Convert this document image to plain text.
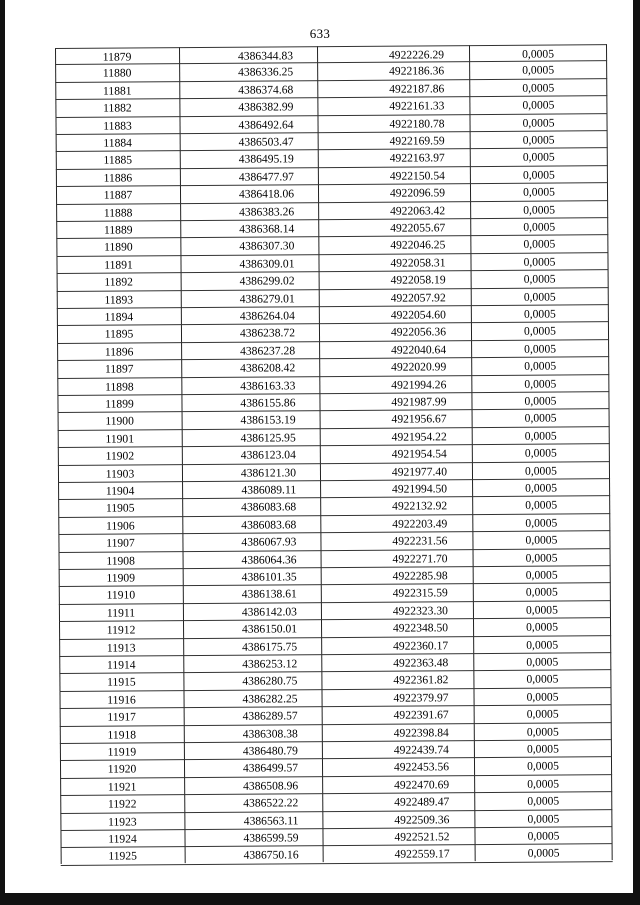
633
11879	4386344.83	4922226.29	0,0005
11880	4386336.25	4922186.36	0,0005
11881	4386374.68	4922187.86	0,0005
11882	4386382.99	4922161.33	0,0005
11883	4386492.64	4922180.78	0,0005
11884	4386503.47	4922169.59	0,0005
11885	4386495.19	4922163.97	0,0005
11886	4386477.97	4922150.54	0,0005
11887	4386418.06	4922096.59	0,0005
11888	4386383.26	4922063.42	0,0005
11889	4386368.14	4922055.67	0,0005
11890	4386307.30	4922046.25	0,0005
11891	4386309.01	4922058.31	0,0005
11892	4386299.02	4922058.19	0,0005
11893	4386279.01	4922057.92	0,0005
11894	4386264.04	4922054.60	0,0005
11895	4386238.72	4922056.36	0,0005
11896	4386237.28	4922040.64	0,0005
11897	4386208.42	4922020.99	0,0005
11898	4386163.33	4921994.26	0,0005
11899	4386155.86	4921987.99	0,0005
11900	4386153.19	4921956.67	0,0005
11901	4386125.95	4921954.22	0,0005
11902	4386123.04	4921954.54	0,0005
11903	4386121.30	4921977.40	0,0005
11904	4386089.11	4921994.50	0,0005
11905	4386083.68	4922132.92	0,0005
11906	4386083.68	4922203.49	0,0005
11907	4386067.93	4922231.56	0,0005
11908	4386064.36	4922271.70	0,0005
11909	4386101.35	4922285.98	0,0005
11910	4386138.61	4922315.59	0,0005
11911	4386142.03	4922323.30	0,0005
11912	4386150.01	4922348.50	0,0005
11913	4386175.75	4922360.17	0,0005
11914	4386253.12	4922363.48	0,0005
11915	4386280.75	4922361.82	0,0005
11916	4386282.25	4922379.97	0,0005
11917	4386289.57	4922391.67	0,0005
11918	4386308.38	4922398.84	0,0005
11919	4386480.79	4922439.74	0,0005
11920	4386499.57	4922453.56	0,0005
11921	4386508.96	4922470.69	0,0005
11922	4386522.22	4922489.47	0,0005
11923	4386563.11	4922509.36	0,0005
11924	4386599.59	4922521.52	0,0005
11925	4386750.16	4922559.17	0,0005
